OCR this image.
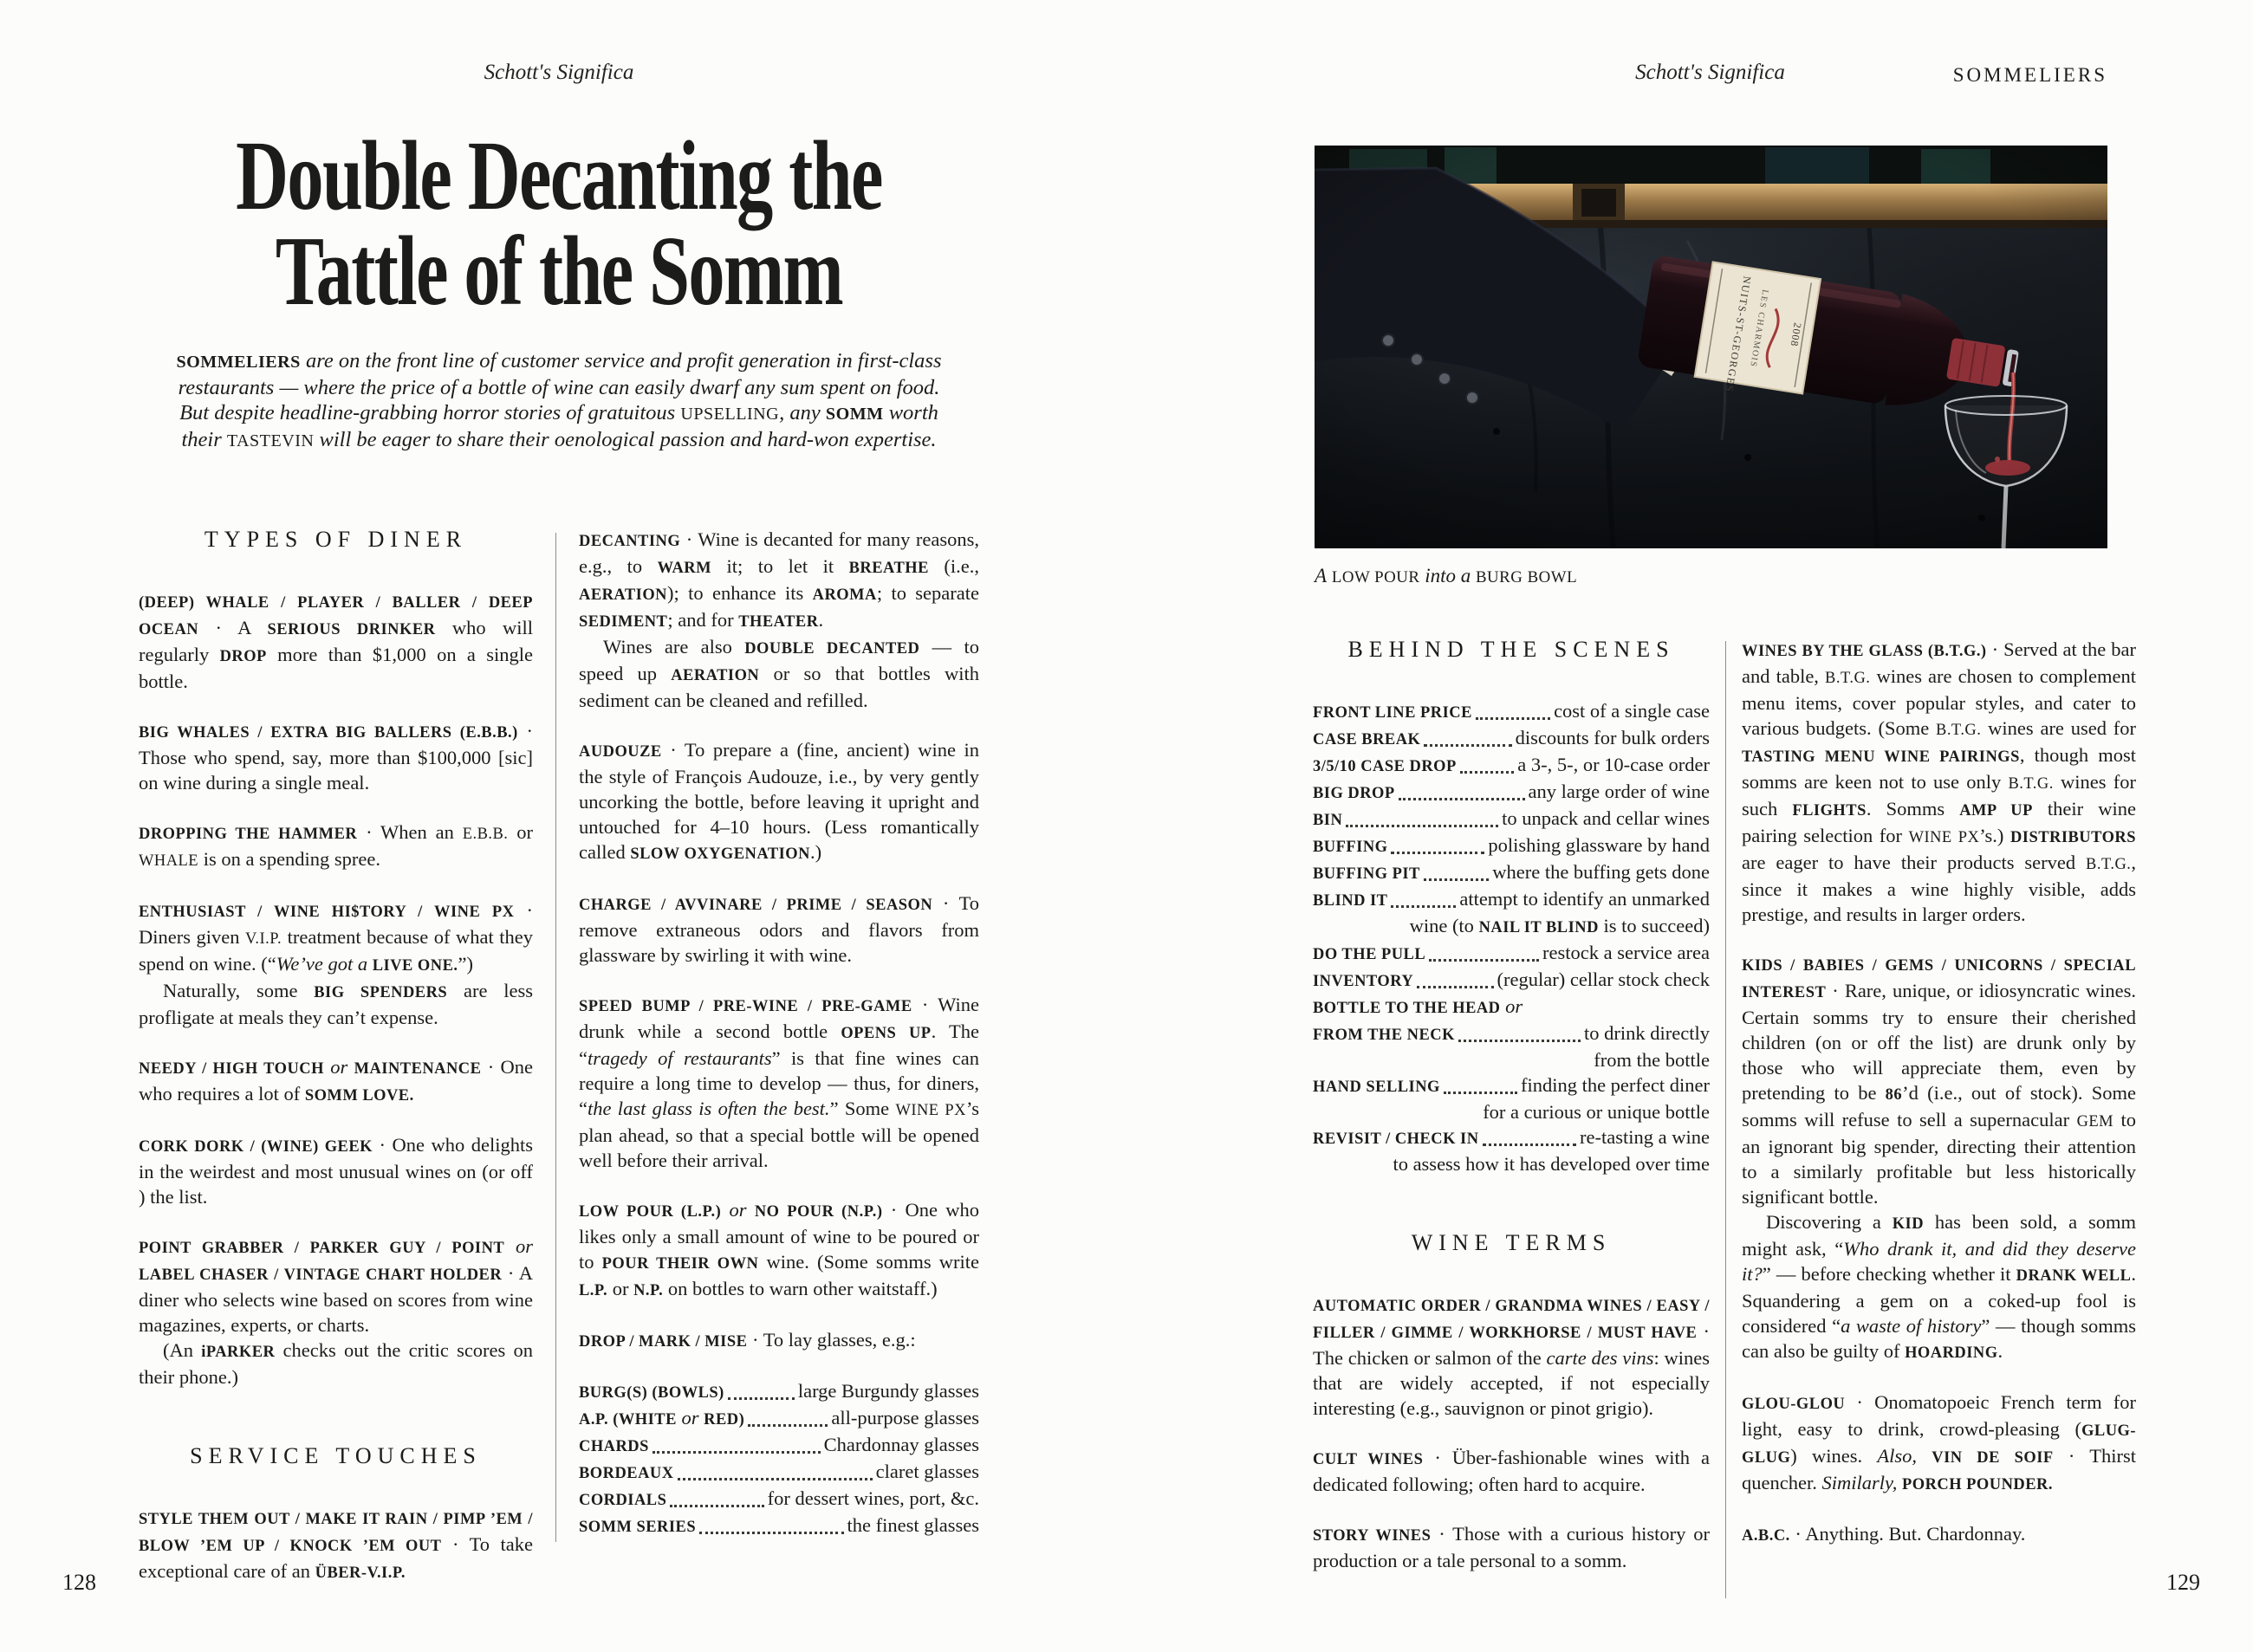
Schott's Significa
Double Decanting the
Tattle of the Somm
SOMMELIERS are on the front line of customer service and profit generation in first-class restaurants — where the price of a bottle of wine can easily dwarf any sum spent on food. But despite headline-grabbing horror stories of gratuitous UPSELLING, any SOMM worth their TASTEVIN will be eager to share their oenological passion and hard-won expertise.
TYPES OF DINER

(DEEP) WHALE / PLAYER / BALLER / DEEP OCEAN · A SERIOUS DRINKER who will regularly DROP more than $1,000 on a single bottle.

BIG WHALES / EXTRA BIG BALLERS (E.B.B.) · Those who spend, say, more than $100,000 [sic] on wine during a single meal.

DROPPING THE HAMMER · When an E.B.B. or WHALE is on a spending spree.

ENTHUSIAST / WINE HI$TORY / WINE PX · Diners given V.I.P. treatment because of what they spend on wine. (“We’ve got a LIVE ONE.”)

Naturally, some BIG SPENDERS are less profligate at meals they can’t expense.

NEEDY / HIGH TOUCH or MAINTENANCE · One who requires a lot of SOMM LOVE.

CORK DORK / (WINE) GEEK · One who delights in the weirdest and most unusual wines on (or off ) the list.

POINT GRABBER / PARKER GUY / POINT or LABEL CHASER / VINTAGE CHART HOLDER · A diner who selects wine based on scores from wine magazines, experts, or charts.

(An iPARKER checks out the critic scores on their phone.)

SERVICE TOUCHES

STYLE THEM OUT / MAKE IT RAIN / PIMP ’EM / BLOW ’EM UP / KNOCK ’EM OUT · To take exceptional care of an ÜBER-V.I.P.

DECANTING · Wine is decanted for many reasons, e.g., to WARM it; to let it BREATHE (i.e., AERATION); to enhance its AROMA; to separate SEDIMENT; and for THEATER.

Wines are also DOUBLE DECANTED — to speed up AERATION or so that bottles with sediment can be cleaned and refilled.

AUDOUZE · To prepare a (fine, ancient) wine in the style of François Audouze, i.e., by very gently uncorking the bottle, before leaving it upright and untouched for 4–10 hours. (Less romantically called SLOW OXYGENATION.)

CHARGE / AVVINARE / PRIME / SEASON · To remove extraneous odors and flavors from glassware by swirling it with wine.

SPEED BUMP / PRE-WINE / PRE-GAME · Wine drunk while a second bottle OPENS UP. The “tragedy of restaurants” is that fine wines can require a long time to develop — thus, for diners, “the last glass is often the best.” Some WINE PX’s plan ahead, so that a special bottle will be opened well before their arrival.

LOW POUR (L.P.) or NO POUR (N.P.) · One who likes only a small amount of wine to be poured or to POUR THEIR OWN wine. (Some somms write L.P. or N.P. on bottles to warn other waitstaff.)

DROP / MARK / MISE · To lay glasses, e.g.:

BURG(S) (BOWLS)	large Burgundy glasses
A.P. (WHITE or RED)	all-purpose glasses
CHARDS	Chardonnay glasses
BORDEAUX	claret glasses
CORDIALS	for dessert wines, port, &c.
SOMM SERIES	the finest glasses
128
Schott's Significa	SOMMELIERS
A LOW POUR into a BURG BOWL
BEHIND THE SCENES
FRONT LINE PRICE	cost of a single case
CASE BREAK	discounts for bulk orders
3/5/10 CASE DROP	a 3-, 5-, or 10-case order
BIG DROP	any large order of wine
BIN	to unpack and cellar wines
BUFFING	polishing glassware by hand
BUFFING PIT	where the buffing gets done
BLIND IT	attempt to identify an unmarked
wine (to NAIL IT BLIND is to succeed)
DO THE PULL	restock a service area
INVENTORY	(regular) cellar stock check
BOTTLE TO THE HEAD or
FROM THE NECK	to drink directly
from the bottle
HAND SELLING	finding the perfect diner
for a curious or unique bottle
REVISIT / CHECK IN	re-tasting a wine
to assess how it has developed over time
WINE TERMS

AUTOMATIC ORDER / GRANDMA WINES / EASY / FILLER / GIMME / WORKHORSE / MUST HAVE · The chicken or salmon of the carte des vins: wines that are widely accepted, if not especially interesting (e.g., sauvignon or pinot grigio).

CULT WINES · Über-fashionable wines with a dedicated following; often hard to acquire.

STORY WINES · Those with a curious history or production or a tale personal to a somm.

WINES BY THE GLASS (B.T.G.) · Served at the bar and table, B.T.G. wines are chosen to complement menu items, cover popular styles, and cater to various budgets. (Some B.T.G. wines are used for TASTING MENU WINE PAIRINGS, though most somms are keen not to use only B.T.G. wines for such FLIGHTS. Somms AMP UP their wine pairing selection for WINE PX’s.) DISTRIBUTORS are eager to have their products served B.T.G., since it makes a wine highly visible, adds prestige, and results in larger orders.

KIDS / BABIES / GEMS / UNICORNS / SPECIAL INTEREST · Rare, unique, or idiosyncratic wines. Certain somms try to ensure their cherished children (on or off the list) are drunk only by those who will appreciate them, even by pretending to be 86’d (i.e., out of stock). Some somms will refuse to sell a supernacular GEM to an ignorant big spender, directing their attention to a similarly profitable but less historically significant bottle.

Discovering a KID has been sold, a somm might ask, “Who drank it, and did they deserve it?” — before checking whether it DRANK WELL. Squandering a gem on a coked-up fool is considered “a waste of history” — though somms can also be guilty of HOARDING.

GLOU-GLOU · Onomatopoeic French term for light, easy to drink, crowd-pleasing (GLUG-GLUG) wines. Also, VIN DE SOIF · Thirst quencher. Similarly, PORCH POUNDER.

A.B.C. · Anything. But. Chardonnay.

129
